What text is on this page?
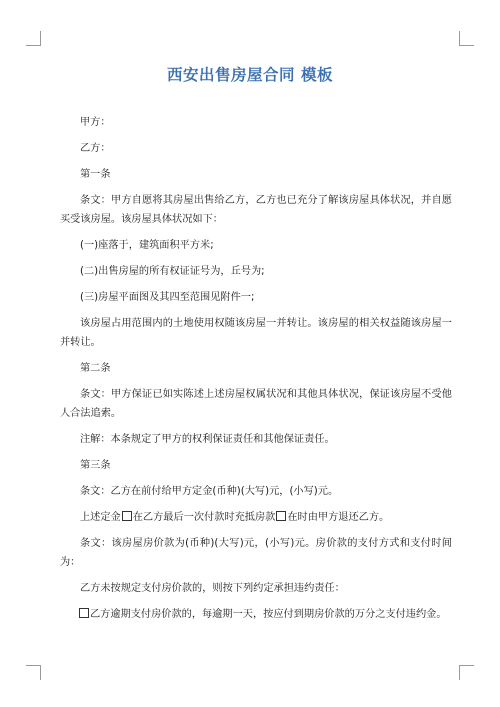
西安出售房屋合同 模板

甲方：

乙方：

第一条

条文：甲方自愿将其房屋出售给乙方，乙方也已充分了解该房屋具体状况，并自愿买受该房屋。该房屋具体状况如下：

(一)座落于，建筑面积平方米;

(二)出售房屋的所有权证证号为，丘号为;

(三)房屋平面图及其四至范围见附件一;

该房屋占用范围内的土地使用权随该房屋一并转让。该房屋的相关权益随该房屋一并转让。

第二条

条文：甲方保证已如实陈述上述房屋权属状况和其他具体状况，保证该房屋不受他人合法追索。

注解：本条规定了甲方的权利保证责任和其他保证责任。

第三条

条文：乙方在前付给甲方定金(币种)(大写)元，(小写)元。

上述定金 在乙方最后一次付款时充抵房款 在时由甲方退还乙方。

条文：该房屋房价款为(币种)(大写)元，(小写)元。房价款的支付方式和支付时间为：

乙方未按规定支付房价款的，则按下列约定承担违约责任：

乙方逾期支付房价款的，每逾期一天，按应付到期房价款的万分之支付违约金。
